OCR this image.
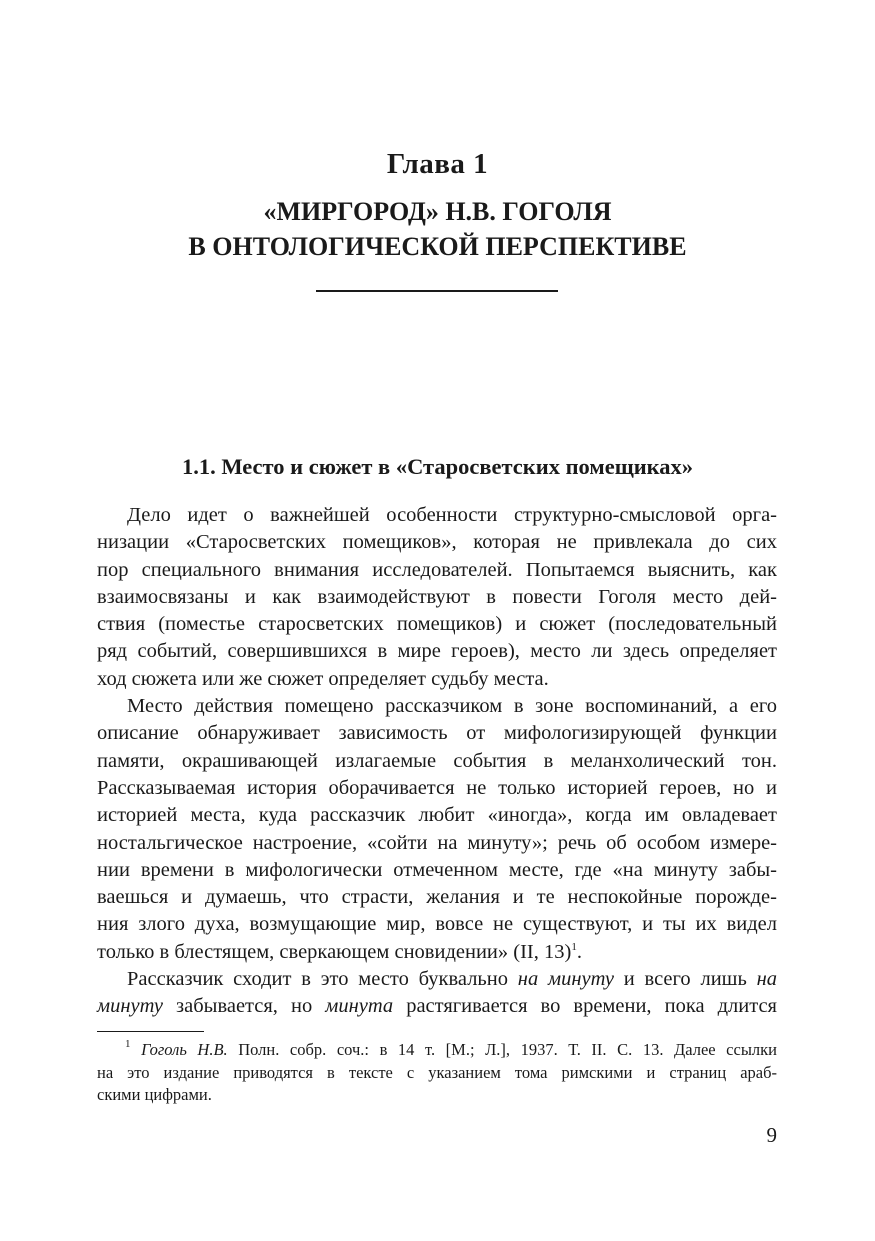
Глава 1
«МИРГОРОД» Н.В. ГОГОЛЯ
В ОНТОЛОГИЧЕСКОЙ ПЕРСПЕКТИВЕ
1.1. Место и сюжет в «Старосветских помещиках»
Дело идет о важнейшей особенности структурно-смысловой орга-
низации «Старосветских помещиков», которая не привлекала до сих
пор специального внимания исследователей. Попытаемся выяснить, как
взаимосвязаны и как взаимодействуют в повести Гоголя место дей-
ствия (поместье старосветских помещиков) и сюжет (последовательный
ряд событий, совершившихся в мире героев), место ли здесь определяет
ход сюжета или же сюжет определяет судьбу места.
Место действия помещено рассказчиком в зоне воспоминаний, а его
описание обнаруживает зависимость от мифологизирующей функции
памяти, окрашивающей излагаемые события в меланхолический тон.
Рассказываемая история оборачивается не только историей героев, но и
историей места, куда рассказчик любит «иногда», когда им овладевает
ностальгическое настроение, «сойти на минуту»; речь об особом измере-
нии времени в мифологически отмеченном месте, где «на минуту забы-
ваешься и думаешь, что страсти, желания и те неспокойные порожде-
ния злого духа, возмущающие мир, вовсе не существуют, и ты их видел
только в блестящем, сверкающем сновидении» (II, 13)$^1$.
Рассказчик сходит в это место буквально на минуту и всего лишь на
минуту забывается, но минута растягивается во времени, пока длится
$^1$ Гоголь Н.В. Полн. собр. соч.: в 14 т. [М.; Л.], 1937. Т. II. С. 13. Далее ссылки
на это издание приводятся в тексте с указанием тома римскими и страниц араб-
скими цифрами.
9
